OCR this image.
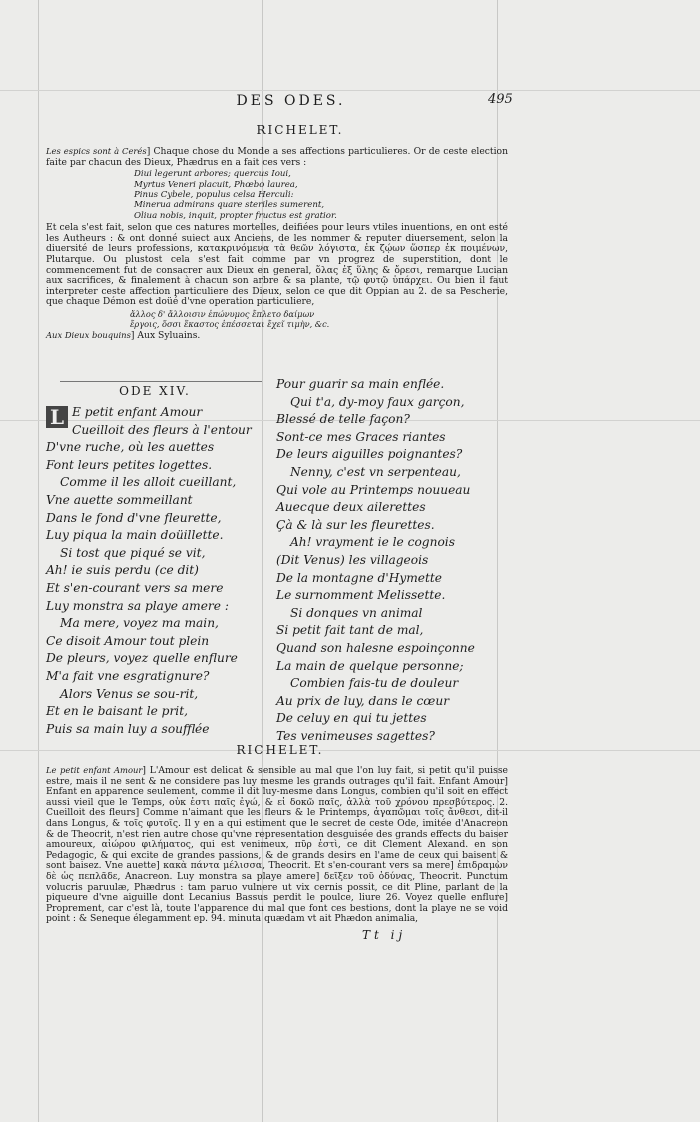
DES ODES.	495
RICHELET.

Les espics sont à Cerés] Chaque chose du Monde a ses affections particulieres. Or de ceste election faite par chacun des Dieux, Phædrus en a fait ces vers :

Diui legerunt arbores; quercus Ioui,
Myrtus Veneri placuit, Phœbo laurea,
Pinus Cybele, populus celsa Herculi:
Minerua admirans quare steriles sumerent,
Oliua nobis, inquit, propter fructus est gratior.

Et cela s'est fait, selon que ces natures mortelles, deifiées pour leurs vtiles inuentions, en ont esté les Autheurs : & ont donné suiect aux Anciens, de les nommer & reputer diuersement, selon la diuersité de leurs professions, κατακρινόμενα τὰ θεῶν λόγιστα, ἐκ ζῴων ὥσπερ ἐκ ποιμένων, Plutarque. Ou plustost cela s'est fait comme par vn progrez de superstition, dont le commencement fut de consacrer aux Dieux en general, ὅλας ἐξ ὕλης & ὄρεσι, remarque Lucian aux sacrifices, & finalement à chacun son arbre & sa plante, τῷ φυτῷ ὑπάρχει. Ou bien il faut interpreter ceste affection particuliere des Dieux, selon ce que dit Oppian au 2. de sa Pescherie, que chaque Démon est doüé d'vne operation particuliere,

ἄλλος δ' ἄλλοισιν ἐπώνυμος ἔπλετο δαίμων
ἔργοις, ὅσσι ἕκαστος ἐπέσσεται ἔχεῖ τιμὴν, &c.

Aux Dieux bouquins] Aux Syluains.

ODE XIV.
L E petit enfant Amour
Cueilloit des fleurs à l'entour
D'vne ruche, où les auettes
Font leurs petites logettes.
Comme il les alloit cueillant,
Vne auette sommeillant
Dans le fond d'vne fleurette,
Luy piqua la main doüillette.
Si tost que piqué se vit,
Ah! ie suis perdu (ce dit)
Et s'en-courant vers sa mere
Luy monstra sa playe amere :
Ma mere, voyez ma main,
Ce disoit Amour tout plein
De pleurs, voyez quelle enflure
M'a fait vne esgratignure?
Alors Venus se sou-rit,
Et en le baisant le prit,
Puis sa main luy a soufflée
Pour guarir sa main enflée.
Qui t'a, dy-moy faux garçon,
Blessé de telle façon?
Sont-ce mes Graces riantes
De leurs aiguilles poignantes?
Nenny, c'est vn serpenteau,
Qui vole au Printemps nouueau
Auecque deux ailerettes
Çà & là sur les fleurettes.
Ah! vrayment ie le cognois
(Dit Venus) les villageois
De la montagne d'Hymette
Le surnomment Melissette.
Si donques vn animal
Si petit fait tant de mal,
Quand son halesne espoinçonne
La main de quelque personne;
Combien fais-tu de douleur
Au prix de luy, dans le cœur
De celuy en qui tu jettes
Tes venimeuses sagettes?
RICHELET.

Le petit enfant Amour] L'Amour est delicat & sensible au mal que l'on luy fait, si petit qu'il puisse estre, mais il ne sent & ne considere pas luy mesme les grands outrages qu'il fait. Enfant Amour] Enfant en apparence seulement, comme il dit luy-mesme dans Longus, combien qu'il soit en effect aussi vieil que le Temps, οὐκ ἐστι παῖς ἐγώ, & εἰ δοκῶ παῖς, ἀλλὰ τοῦ χρόνου πρεσβύτερος. 2. Cueilloit des fleurs] Comme n'aimant que les fleurs & le Printemps, ἀγαπῶμαι τοῖς ἄνθεσι, dit-il dans Longus, & τοῖς φυτοῖς. Il y en a qui estiment que le secret de ceste Ode, imitée d'Anacreon & de Theocrit, n'est rien autre chose qu'vne representation desguisée des grands effects du baiser amoureux, αἰώρου φιλήματος, qui est venimeux, πῦρ ἐστὶ, ce dit Clement Alexand. en son Pedagogic, & qui excite de grandes passions, & de grands desirs en l'ame de ceux qui baisent & sont baisez. Vne auette] κακὰ πάντα μέλισσα, Theocrit. Et s'en-courant vers sa mere] ἐπιδραμὼν δὲ ὡς πεπλᾶδε, Anacreon. Luy monstra sa playe amere] δεῖξεν τοῦ ὀδύνας, Theocrit. Punctum volucris paruulæ, Phædrus : tam paruo vulnere ut vix cernis possit, ce dit Pline, parlant de la piqueure d'vne aiguille dont Lecanius Bassus perdit le poulce, liure 26. Voyez quelle enflure] Proprement, car c'est là, toute l'apparence du mal que font ces bestions, dont la playe ne se void point : & Seneque élegamment ep. 94. minuta quædam vt ait Phædon animalia,

Tt ij
